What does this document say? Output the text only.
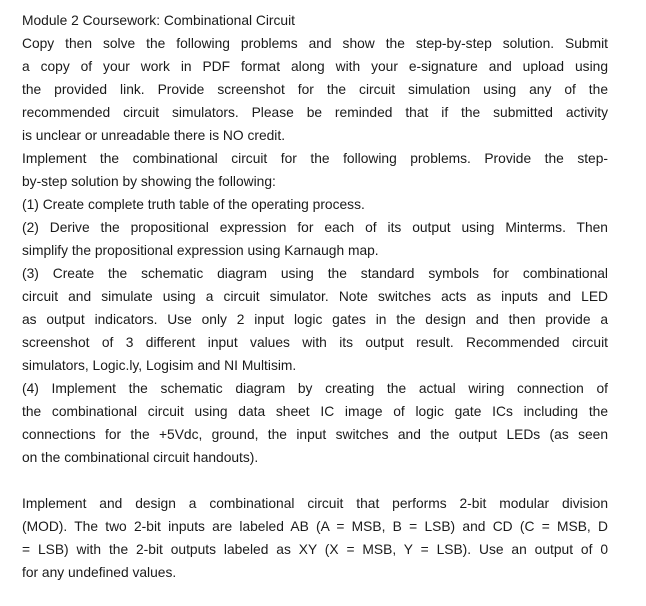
Module 2 Coursework: Combinational Circuit
Copy then solve the following problems and show the step-by-step solution. Submit
a copy of your work in PDF format along with your e-signature and upload using
the provided link. Provide screenshot for the circuit simulation using any of the
recommended circuit simulators. Please be reminded that if the submitted activity
is unclear or unreadable there is NO credit.
Implement the combinational circuit for the following problems. Provide the step-
by-step solution by showing the following:
(1) Create complete truth table of the operating process.
(2) Derive the propositional expression for each of its output using Minterms. Then
simplify the propositional expression using Karnaugh map.
(3) Create the schematic diagram using the standard symbols for combinational
circuit and simulate using a circuit simulator. Note switches acts as inputs and LED
as output indicators. Use only 2 input logic gates in the design and then provide a
screenshot of 3 different input values with its output result. Recommended circuit
simulators, Logic.ly, Logisim and NI Multisim.
(4) Implement the schematic diagram by creating the actual wiring connection of
the combinational circuit using data sheet IC image of logic gate ICs including the
connections for the +5Vdc, ground, the input switches and the output LEDs (as seen
on the combinational circuit handouts).
Implement and design a combinational circuit that performs 2-bit modular division
(MOD). The two 2-bit inputs are labeled AB (A = MSB, B = LSB) and CD (C = MSB, D
= LSB) with the 2-bit outputs labeled as XY (X = MSB, Y = LSB). Use an output of 0
for any undefined values.
